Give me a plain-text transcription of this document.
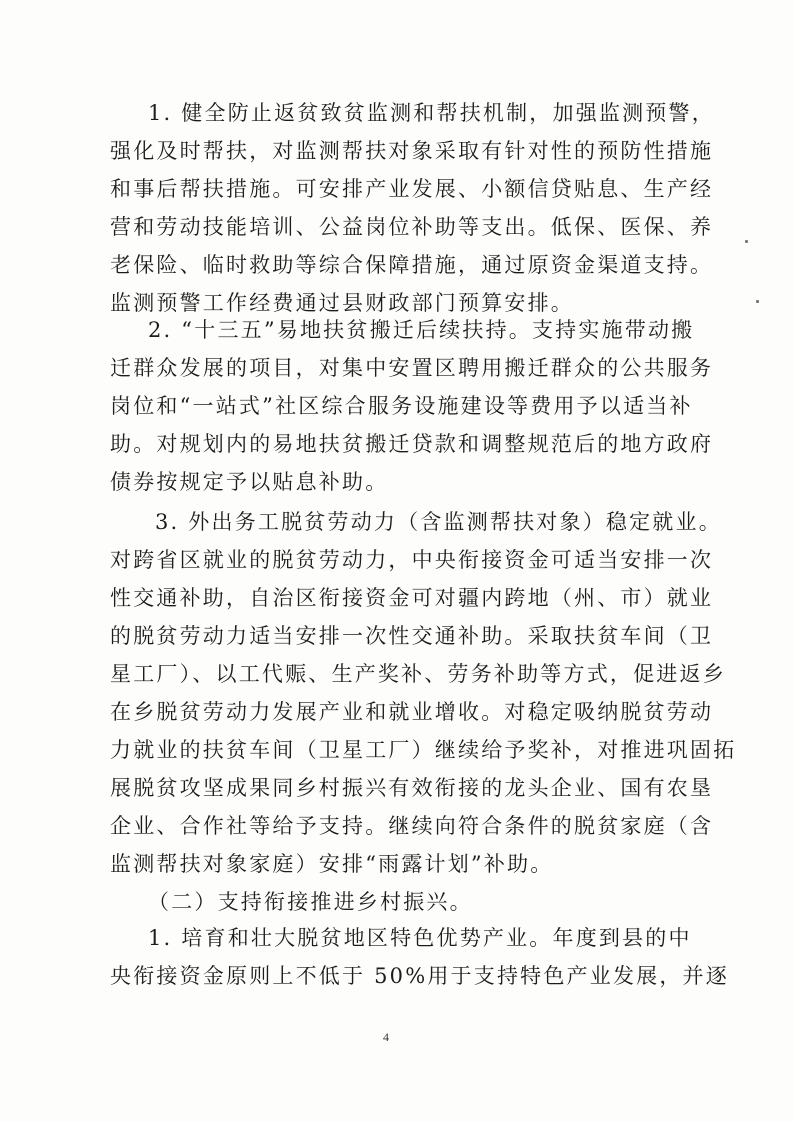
1. 健全防止返贫致贫监测和帮扶机制，加强监测预警，
强化及时帮扶，对监测帮扶对象采取有针对性的预防性措施
和事后帮扶措施。可安排产业发展、小额信贷贴息、生产经
营和劳动技能培训、公益岗位补助等支出。低保、医保、养
老保险、临时救助等综合保障措施，通过原资金渠道支持。
监测预警工作经费通过县财政部门预算安排。
2. “十三五”易地扶贫搬迁后续扶持。支持实施带动搬
迁群众发展的项目，对集中安置区聘用搬迁群众的公共服务
岗位和“一站式”社区综合服务设施建设等费用予以适当补
助。对规划内的易地扶贫搬迁贷款和调整规范后的地方政府
债券按规定予以贴息补助。
3. 外出务工脱贫劳动力（含监测帮扶对象）稳定就业。
对跨省区就业的脱贫劳动力，中央衔接资金可适当安排一次
性交通补助，自治区衔接资金可对疆内跨地（州、市）就业
的脱贫劳动力适当安排一次性交通补助。采取扶贫车间（卫
星工厂）、以工代赈、生产奖补、劳务补助等方式，促进返乡
在乡脱贫劳动力发展产业和就业增收。对稳定吸纳脱贫劳动
力就业的扶贫车间（卫星工厂）继续给予奖补，对推进巩固拓
展脱贫攻坚成果同乡村振兴有效衔接的龙头企业、国有农垦
企业、合作社等给予支持。继续向符合条件的脱贫家庭（含
监测帮扶对象家庭）安排“雨露计划”补助。
（二）支持衔接推进乡村振兴。
1. 培育和壮大脱贫地区特色优势产业。年度到县的中
央衔接资金原则上不低于 50%用于支持特色产业发展，并逐
4
